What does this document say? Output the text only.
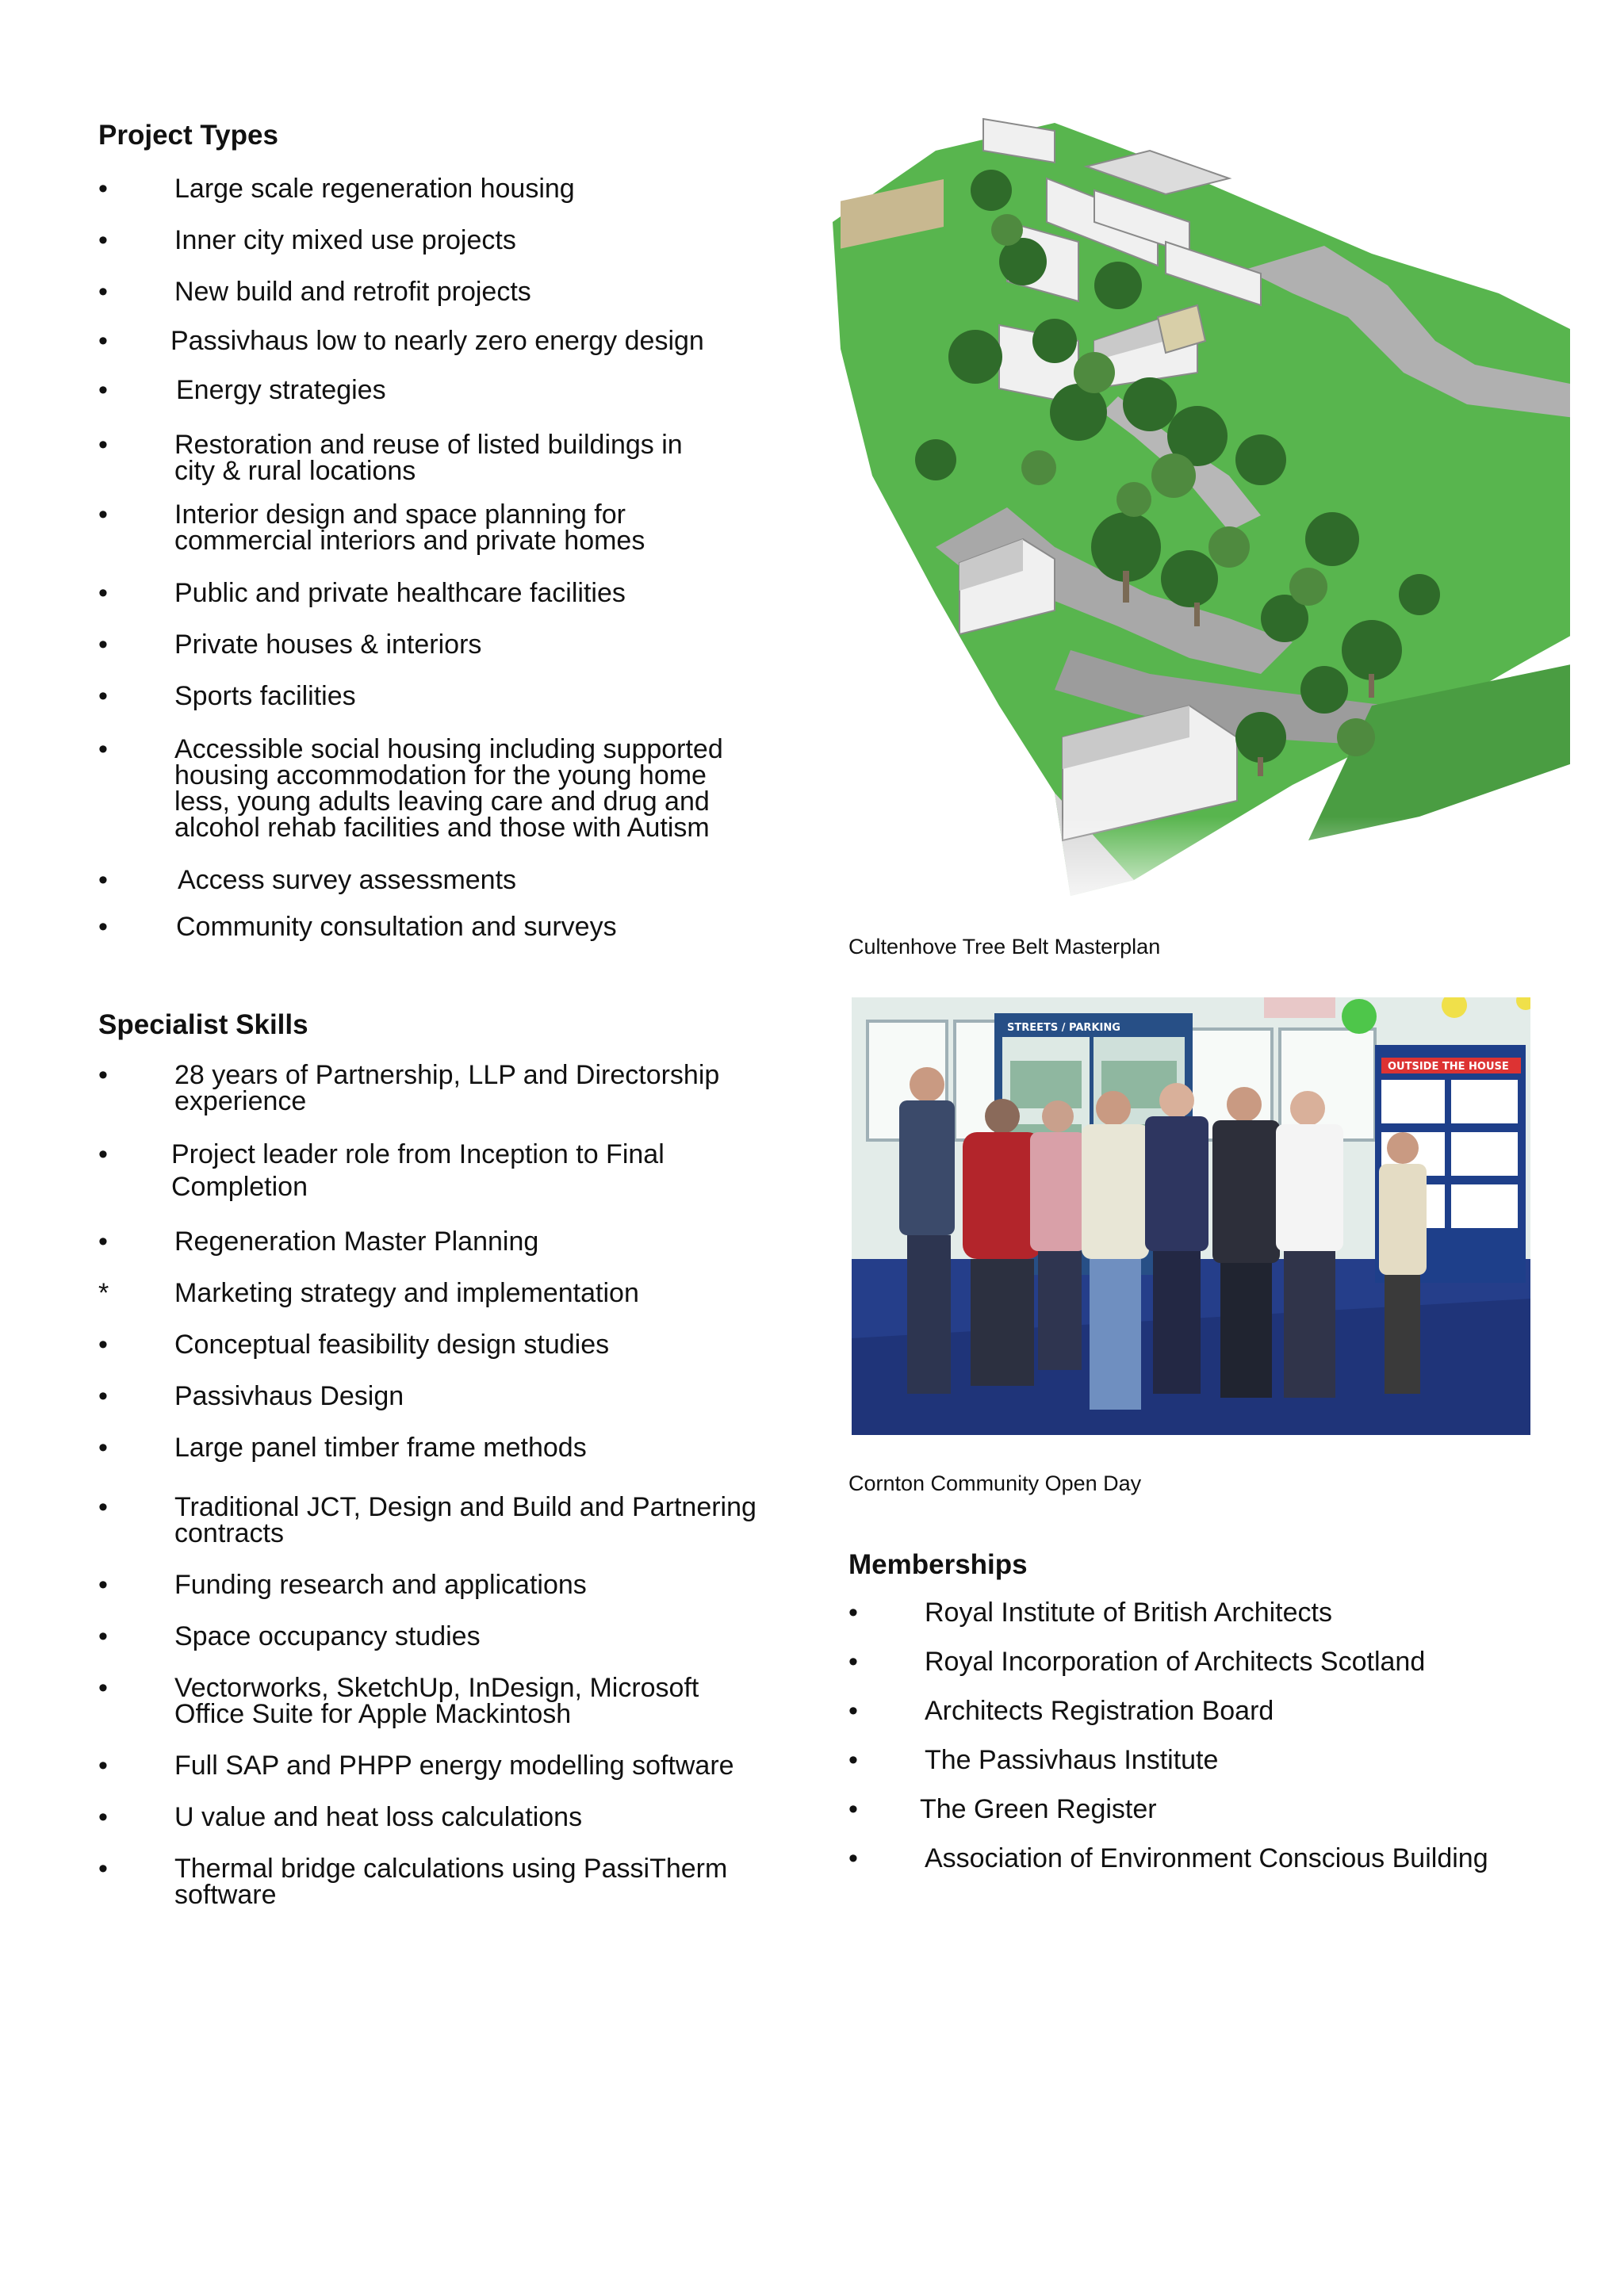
Project Types
•	Large scale regeneration housing
•	Inner city mixed use projects
•	New build and retrofit projects
•	Passivhaus low to nearly zero energy design
•	Energy strategies
•	Restoration and reuse of listed buildings in city & rural locations
•	Interior design and space planning for commercial interiors and private homes
•	Public and private healthcare facilities
•	Private houses & interiors
•	Sports facilities
•	Accessible social housing including supported housing accommodation for the young home less, young adults leaving care and drug and alcohol rehab facilities and those with Autism
•	Access survey assessments
•	Community consultation and surveys
Specialist Skills
•	28 years of Partnership, LLP and Directorship experience
•	Project leader role from Inception to Final Completion
•	Regeneration Master Planning
*	Marketing strategy and implementation
•	Conceptual feasibility design studies
•	Passivhaus Design
•	Large panel timber frame methods
•	Traditional JCT, Design and Build and Partnering contracts
•	Funding research and applications
•	Space occupancy studies
•	Vectorworks, SketchUp, InDesign, Microsoft Office Suite for Apple Mackintosh
•	Full SAP and PHPP energy modelling software
•	U value and heat loss calculations
•	Thermal bridge calculations using PassiTherm software
Cultenhove Tree Belt Masterplan
STREETS / PARKING
OUTSIDE THE HOUSE
Cornton Community Open Day
Memberships
•	Royal Institute of British Architects
•	Royal Incorporation of Architects Scotland
•	Architects Registration Board
•	The Passivhaus Institute
•	The Green Register
•	Association of Environment Conscious Building
